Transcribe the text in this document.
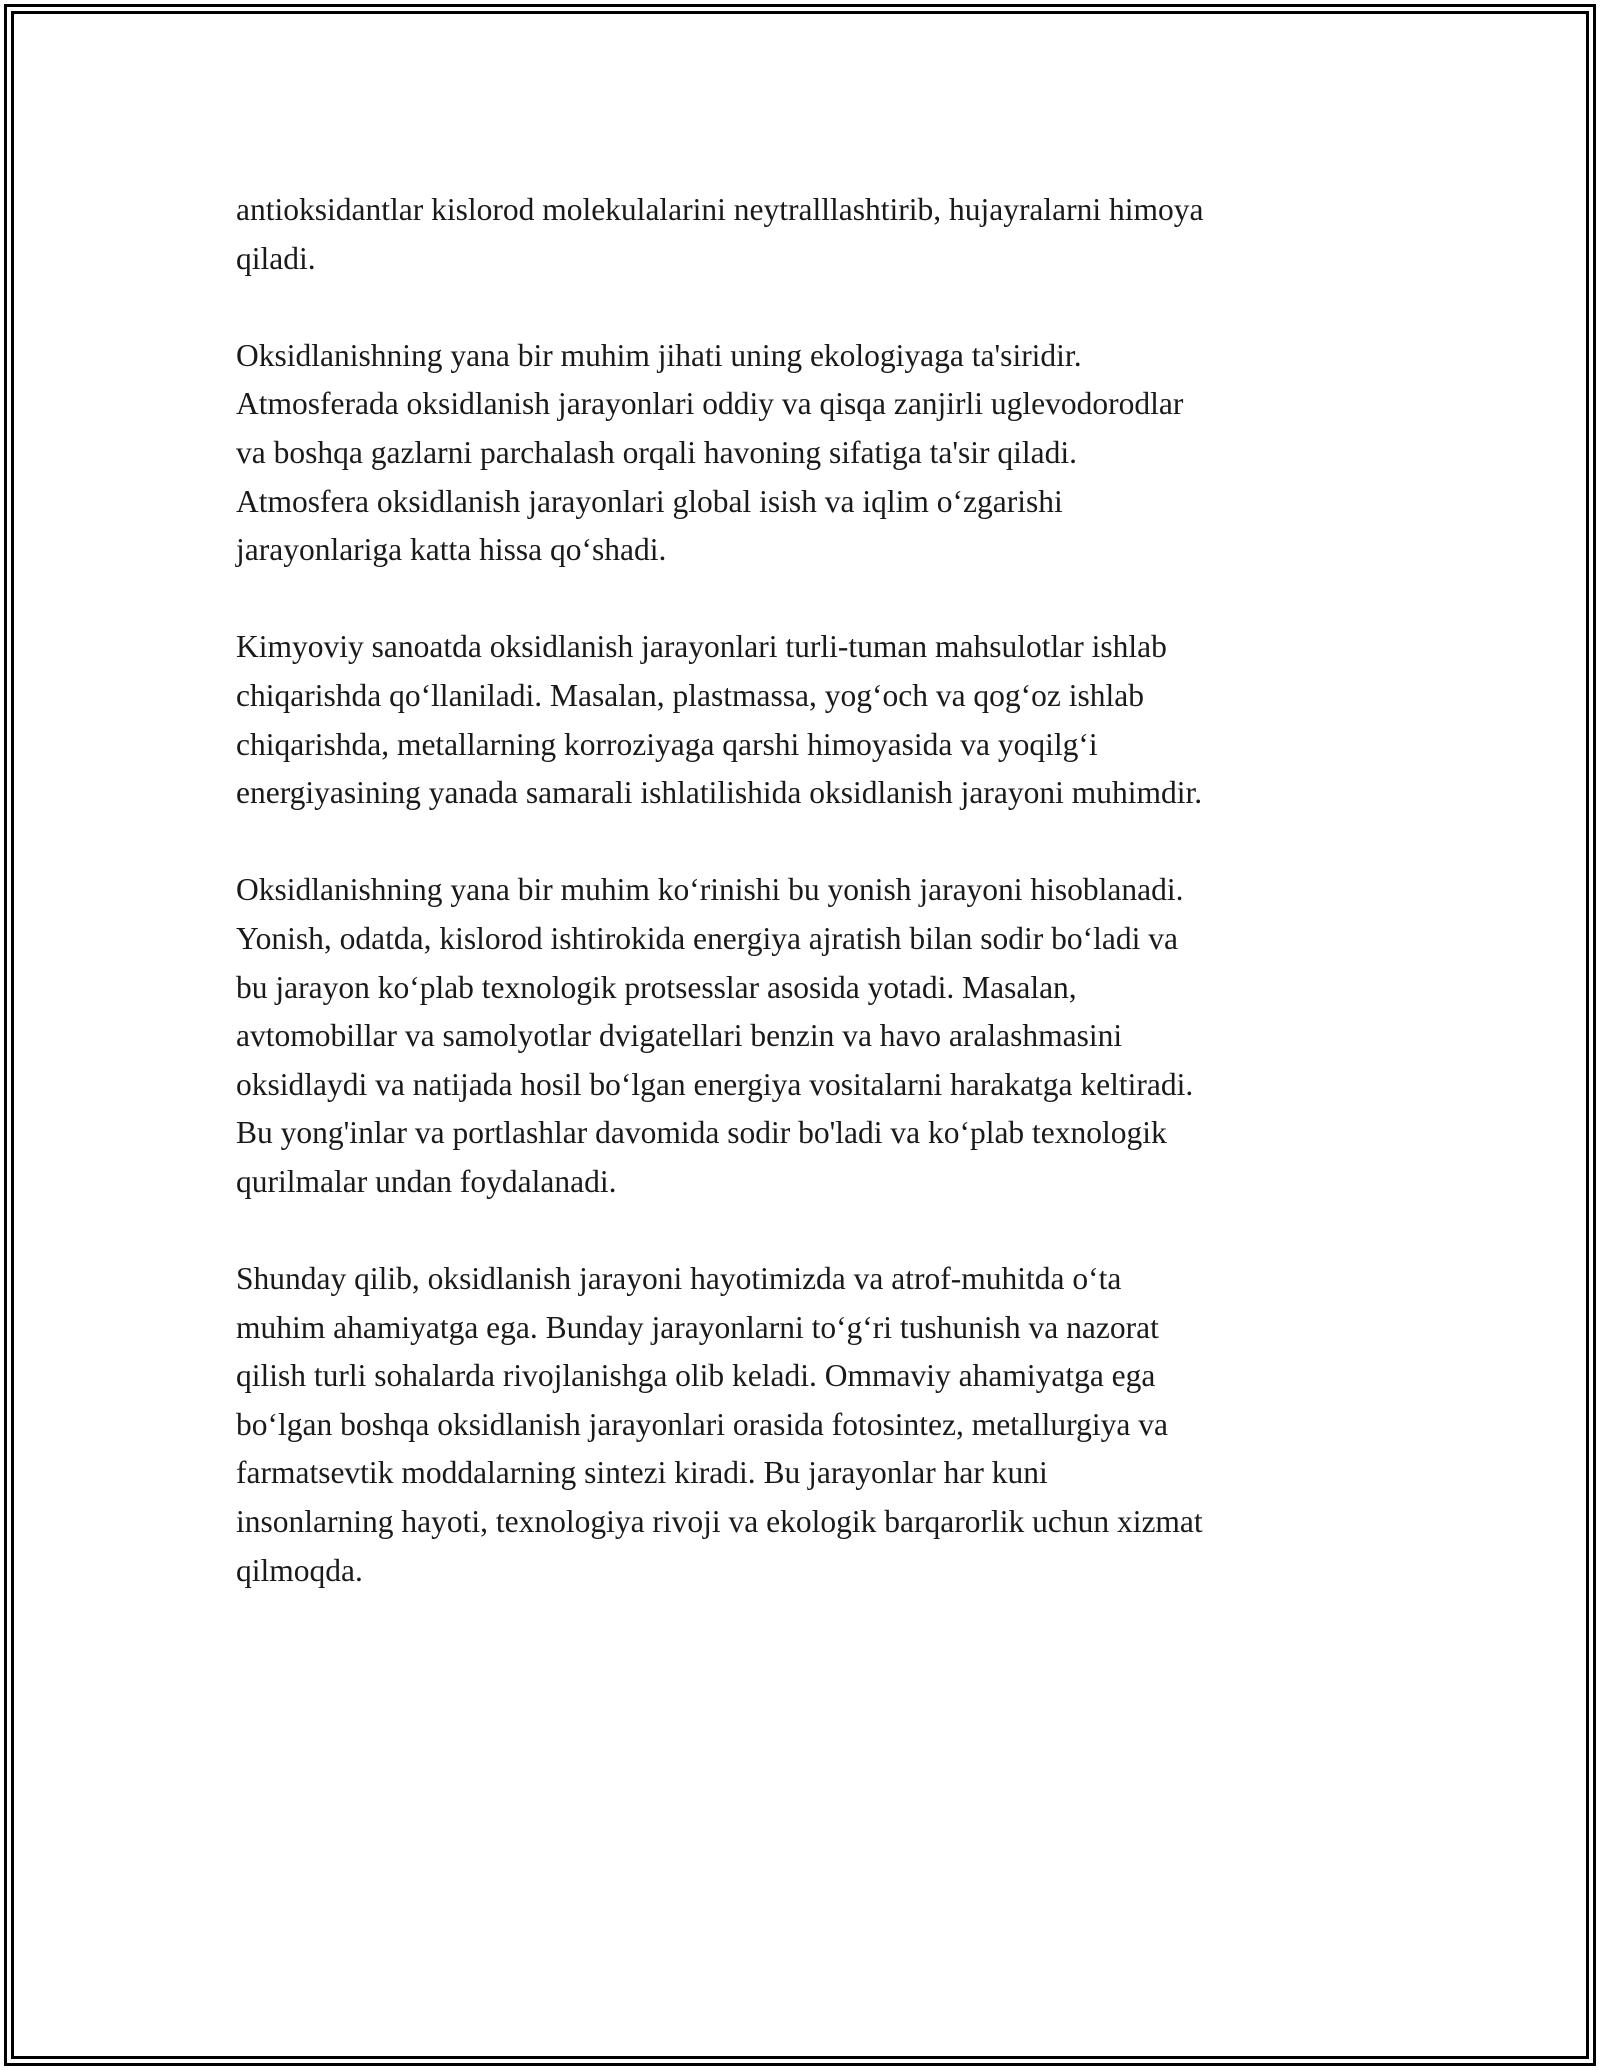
antioksidantlar kislorod molekulalarini neytralllashtirib, hujayralarni himoya
qiladi.

Oksidlanishning yana bir muhim jihati uning ekologiyaga ta'siridir.
Atmosferada oksidlanish jarayonlari oddiy va qisqa zanjirli uglevodorodlar
va boshqa gazlarni parchalash orqali havoning sifatiga ta'sir qiladi.
Atmosfera oksidlanish jarayonlari global isish va iqlim o‘zgarishi
jarayonlariga katta hissa qo‘shadi.

Kimyoviy sanoatda oksidlanish jarayonlari turli-tuman mahsulotlar ishlab
chiqarishda qo‘llaniladi. Masalan, plastmassa, yog‘och va qog‘oz ishlab
chiqarishda, metallarning korroziyaga qarshi himoyasida va yoqilg‘i
energiyasining yanada samarali ishlatilishida oksidlanish jarayoni muhimdir.

Oksidlanishning yana bir muhim ko‘rinishi bu yonish jarayoni hisoblanadi.
Yonish, odatda, kislorod ishtirokida energiya ajratish bilan sodir bo‘ladi va
bu jarayon ko‘plab texnologik protsesslar asosida yotadi. Masalan,
avtomobillar va samolyotlar dvigatellari benzin va havo aralashmasini
oksidlaydi va natijada hosil bo‘lgan energiya vositalarni harakatga keltiradi.
Bu yong'inlar va portlashlar davomida sodir bo'ladi va ko‘plab texnologik
qurilmalar undan foydalanadi.

Shunday qilib, oksidlanish jarayoni hayotimizda va atrof-muhitda o‘ta
muhim ahamiyatga ega. Bunday jarayonlarni to‘g‘ri tushunish va nazorat
qilish turli sohalarda rivojlanishga olib keladi. Ommaviy ahamiyatga ega
bo‘lgan boshqa oksidlanish jarayonlari orasida fotosintez, metallurgiya va
farmatsevtik moddalarning sintezi kiradi. Bu jarayonlar har kuni
insonlarning hayoti, texnologiya rivoji va ekologik barqarorlik uchun xizmat
qilmoqda.
